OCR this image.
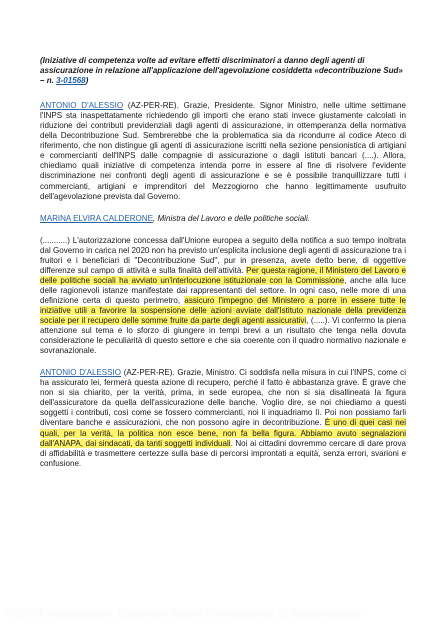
(Iniziative di competenza volte ad evitare effetti discriminatori a danno degli agenti di assicurazione in relazione all'applicazione dell'agevolazione cosiddetta «decontribuzione Sud» – n. 3-01568)

ANTONIO D'ALESSIO (AZ-PER-RE). Grazie, Presidente. Signor Ministro, nelle ultime settimane l'INPS sta inaspettatamente richiedendo gli importi che erano stati invece giustamente calcolati in riduzione dei contributi previdenziali dagli agenti di assicurazione, in ottemperanza della normativa della Decontribuzione Sud. Sembrerebbe che la problematica sia da ricondurre al codice Ateco di riferimento, che non distingue gli agenti di assicurazione iscritti nella sezione pensionistica di artigiani e commercianti dell'INPS dalle compagnie di assicurazione o dagli istituti bancari (....). Allora, chiediamo quali iniziative di competenza intenda porre in essere al fine di risolvere l'evidente discriminazione nei confronti degli agenti di assicurazione e se è possibile tranquillizzare tutti i commercianti, artigiani e imprenditori del Mezzogiorno che hanno legittimamente usufruito dell'agevolazione prevista dal Governo.

MARINA ELVIRA CALDERONE, Ministra del Lavoro e delle politiche sociali.

(...........) L'autorizzazione concessa dall'Unione europea a seguito della notifica a suo tempo inoltrata dal Governo in carica nel 2020 non ha previsto un'esplicita inclusione degli agenti di assicurazione tra i fruitori e i beneficiari di "Decontribuzione Sud", pur in presenza, avete detto bene, di oggettive differenze sul campo di attività e sulla finalità dell'attività. Per questa ragione, il Ministero del Lavoro e delle politiche sociali ha avviato un'interlocuzione istituzionale con la Commissione, anche alla luce delle ragionevoli istanze manifestate dai rappresentanti del settore. In ogni caso, nelle more di una definizione certa di questo perimetro, assicuro l'impegno del Ministero a porre in essere tutte le iniziative utili a favorire la sospensione delle azioni avviate dall'Istituto nazionale della previdenza sociale per il recupero delle somme fruite da parte degli agenti assicurativi, (.....). Vi confermo la piena attenzione sul tema e lo sforzo di giungere in tempi brevi a un risultato che tenga nella dovuta considerazione le peculiarità di questo settore e che sia coerente con il quadro normativo nazionale e sovranazionale.

ANTONIO D'ALESSIO (AZ-PER-RE). Grazie, Ministro. Ci soddisfa nella misura in cui l'INPS, come ci ha assicurato lei, fermerà questa azione di recupero, perché il fatto è abbastanza grave. È grave che non si sia chiarito, per la verità, prima, in sede europea, che non si sia disallineata la figura dell'assicuratore da quella dell'assicurazione delle banche. Voglio dire, se noi chiediamo a questi soggetti i contributi, così come se fossero commercianti, noi li inquadriamo lì. Poi non possiamo farli diventare banche e assicurazioni, che non possono agire in decontribuzione. È uno di quei casi nei quali, per la verità, la politica non esce bene, non fa bella figura. Abbiamo avuto segnalazioni dall'ANAPA, dai sindacati, da tanti soggetti individuali. Noi ai cittadini dovremmo cercare di dare prova di affidabilità e trasmettere certezze sulla base di percorsi improntati a equità, senza errori, svarioni e confusione.

ANAPA Associazione Nazionale Agenti Professionisti di Assicurazione
